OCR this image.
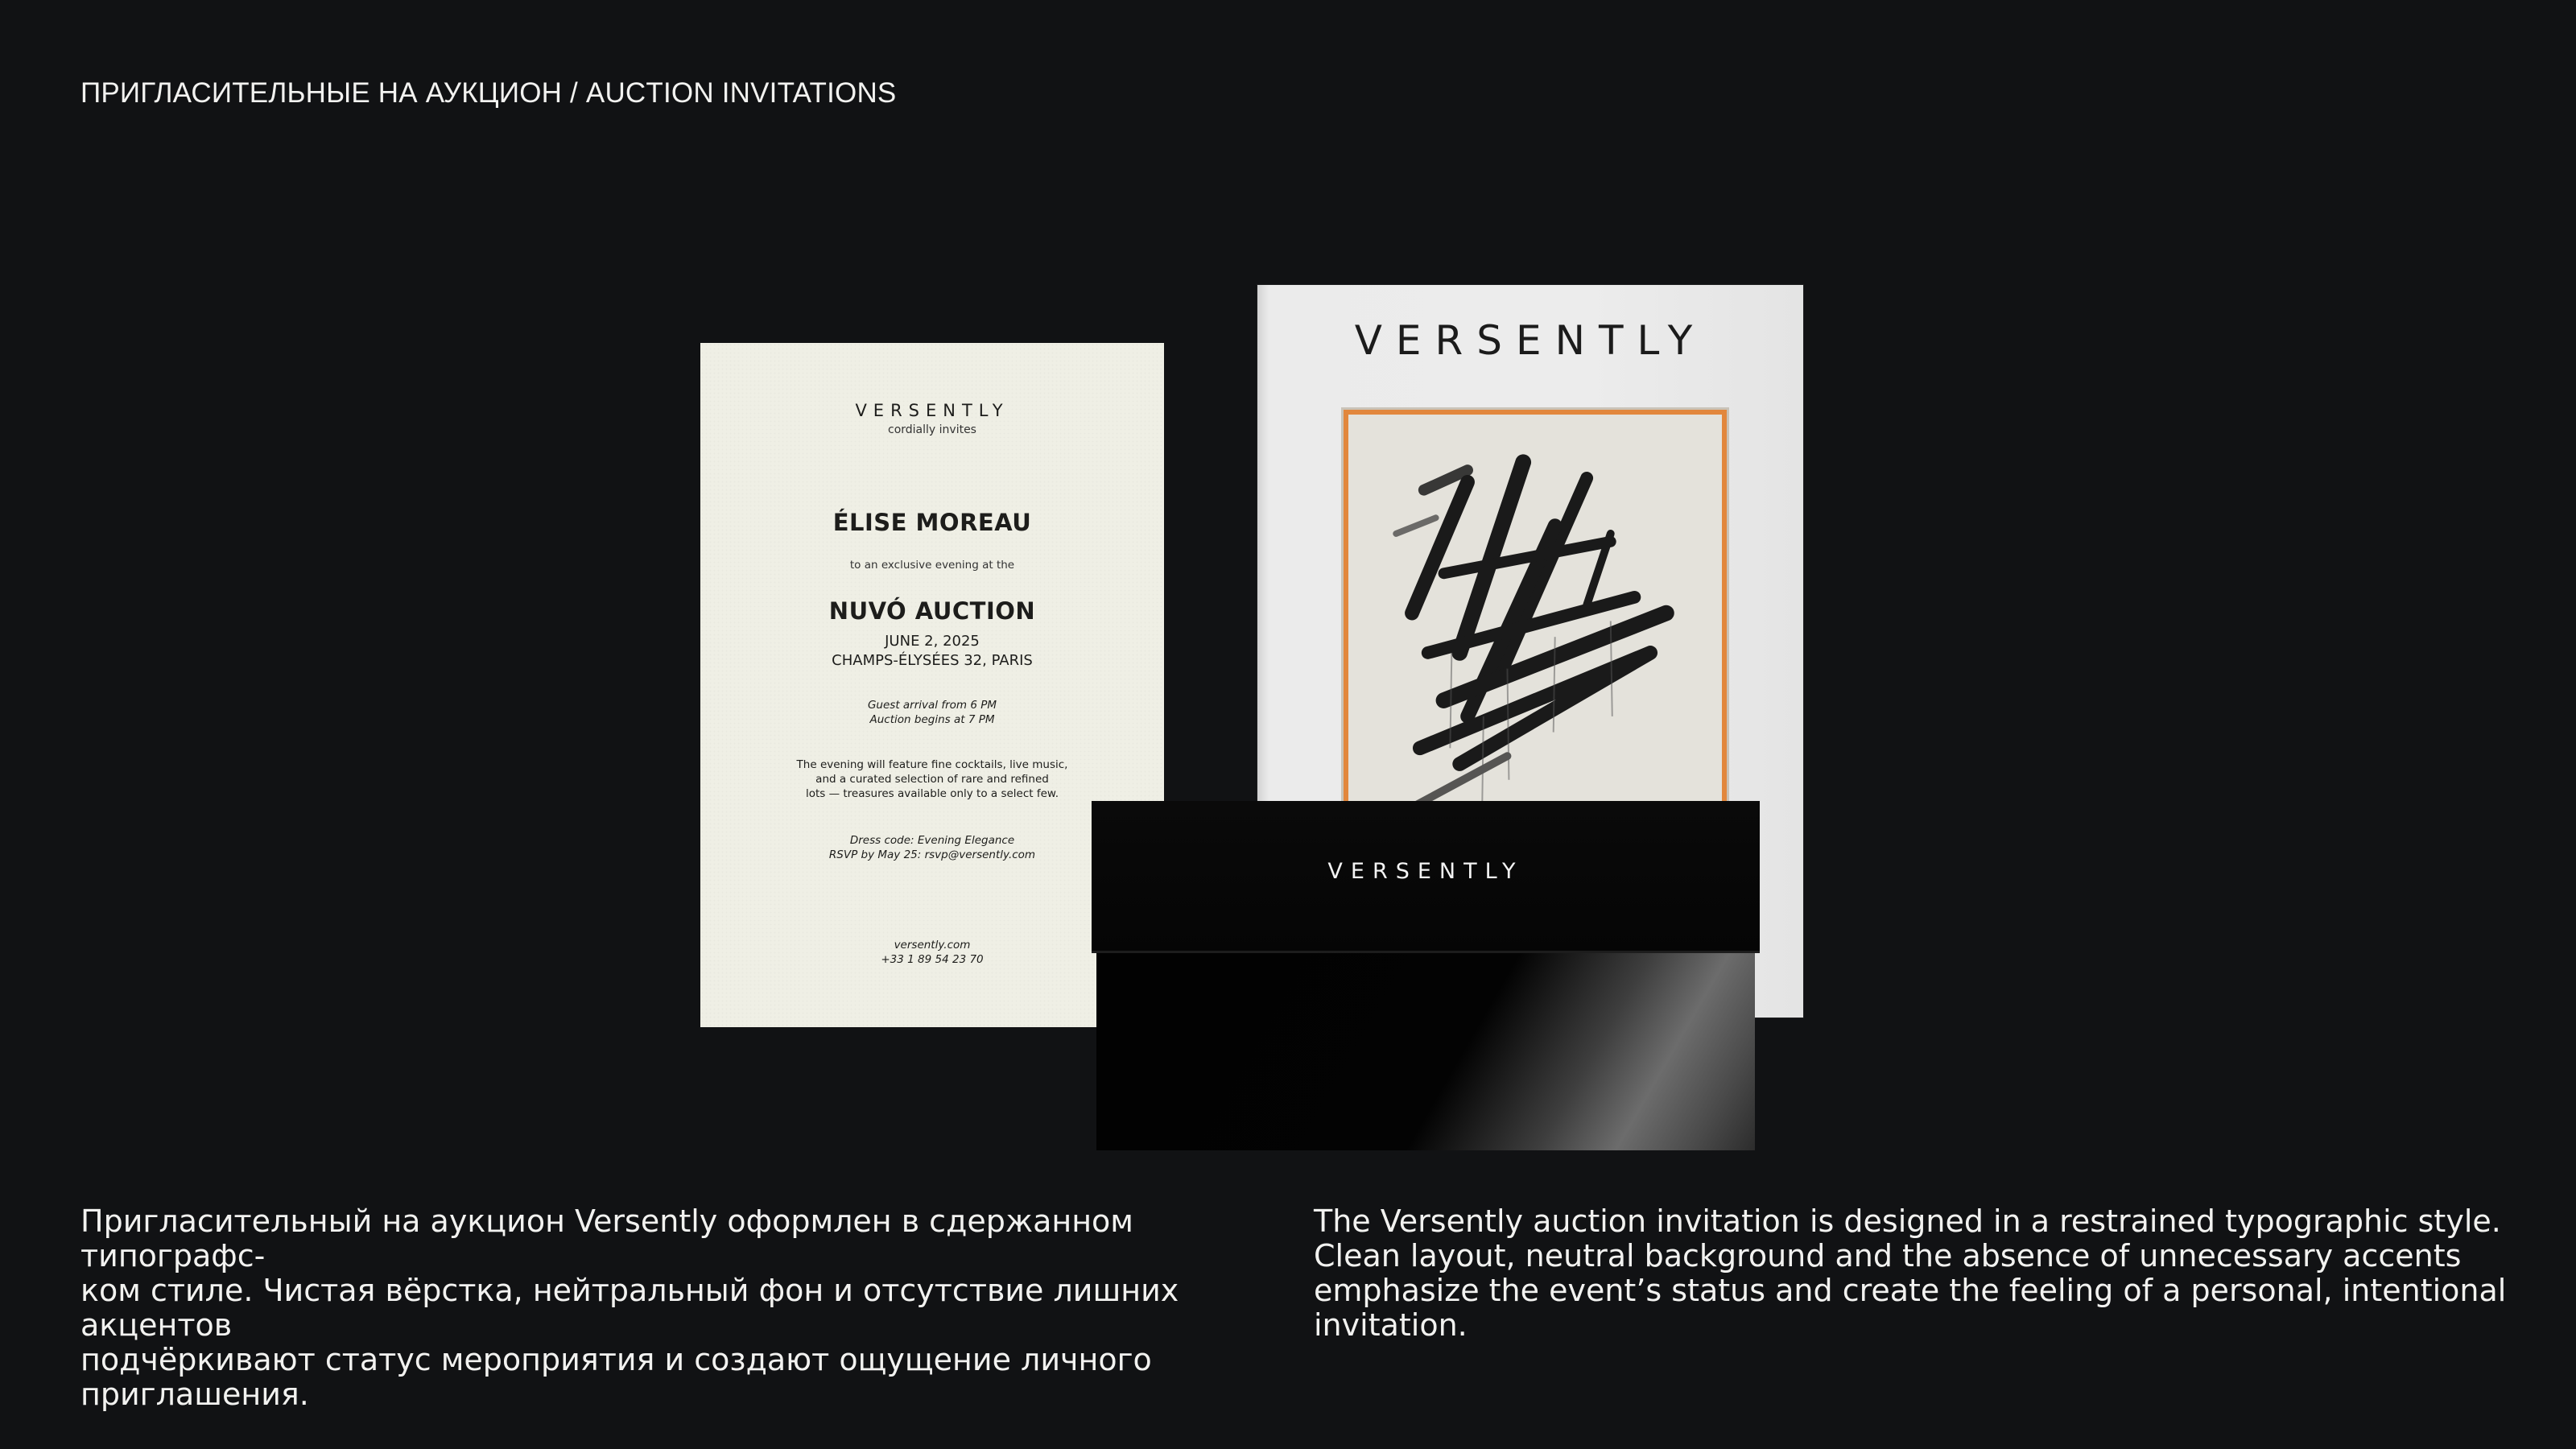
ПРИГЛАСИТЕЛЬНЫЕ НА АУКЦИОН / AUCTION INVITATIONS
VERSENTLY
cordially invites
ÉLISE MOREAU
to an exclusive evening at the
NUVÓ AUCTION
JUNE 2, 2025
CHAMPS-ÉLYSÉES 32, PARIS
Guest arrival from 6 PM
Auction begins at 7 PM
The evening will feature fine cocktails, live music,
and a curated selection of rare and refined
lots — treasures available only to a select few.
Dress code: Evening Elegance
RSVP by May 25: rsvp@versently.com
versently.com
+33 1 89 54 23 70
VERSENTLY
VERSENTLY
Пригласительный на аукцион Versently оформлен в сдержанном типографс-
ком стиле. Чистая вёрстка, нейтральный фон и отсутствие лишних акцентов
подчёркивают статус мероприятия и создают ощущение личного
приглашения.
The Versently auction invitation is designed in a restrained typographic style.
Clean layout, neutral background and the absence of unnecessary accents
emphasize the event’s status and create the feeling of a personal, intentional
invitation.
